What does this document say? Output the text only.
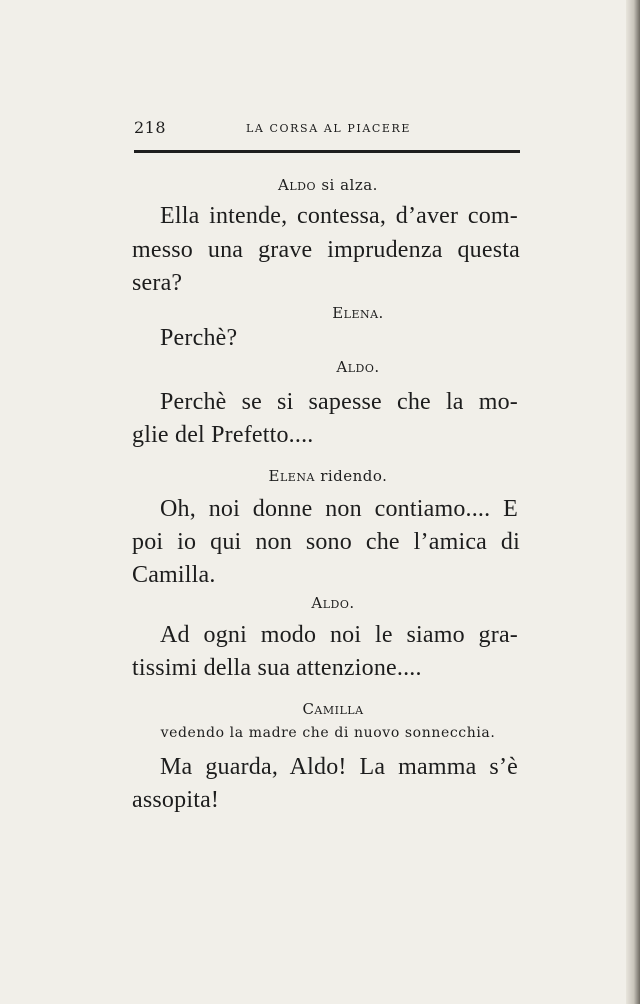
218	LA CORSA AL PIACERE
Aldo si alza.
Ella intende, contessa, d’aver com-
messo una grave imprudenza questa
sera?
Elena.
Perchè?
Aldo.
Perchè se si sapesse che la mo-
glie del Prefetto....
Elena ridendo.
Oh, noi donne non contiamo.... E
poi io qui non sono che l’amica di
Camilla.
Aldo.
Ad ogni modo noi le siamo gra-
tissimi della sua attenzione....
Camilla
vedendo la madre che di nuovo sonnecchia.
Ma guarda, Aldo! La mamma s’è
assopita!
